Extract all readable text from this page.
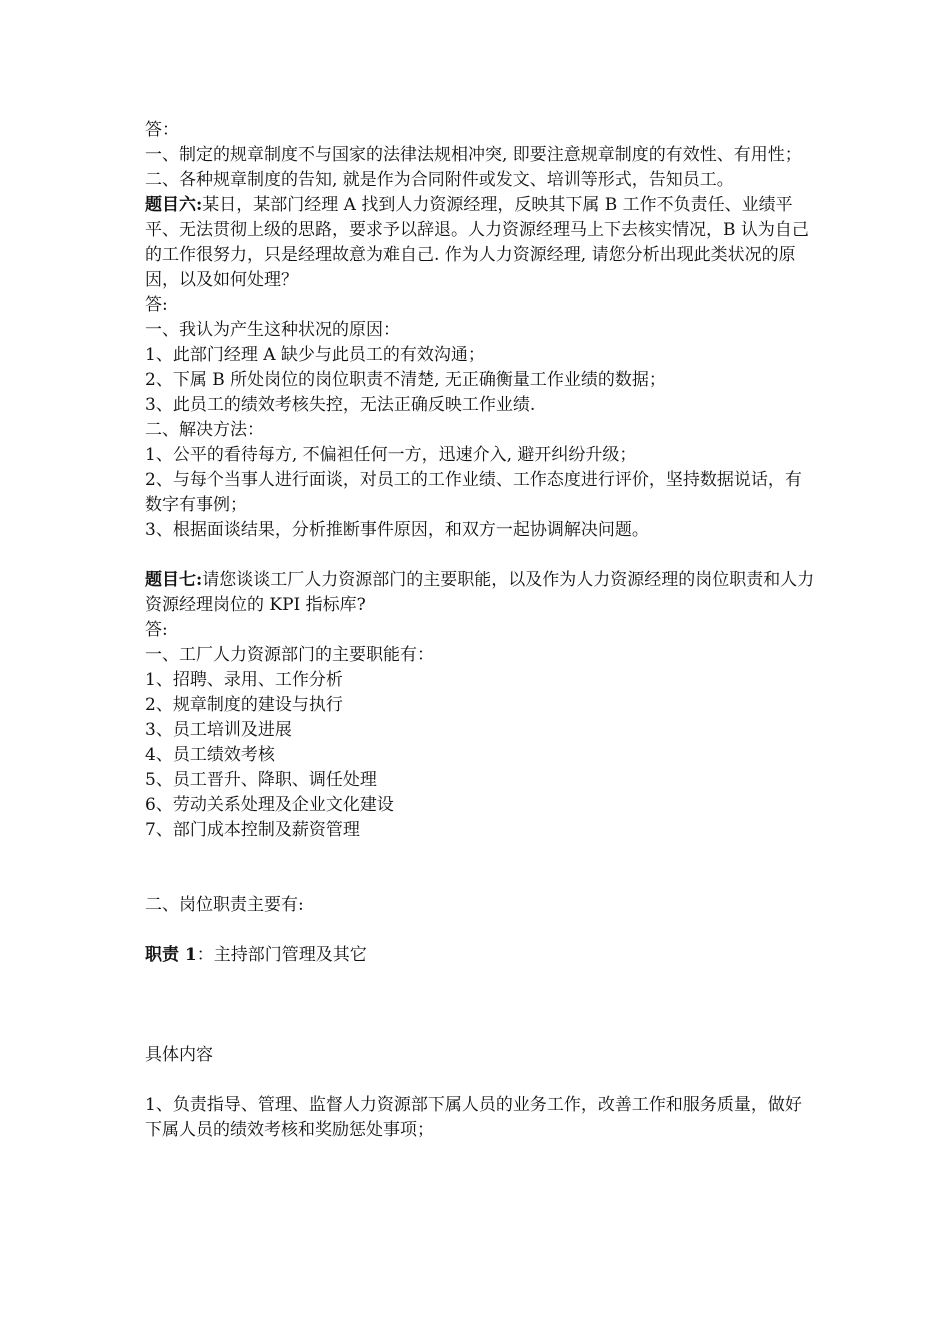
答：

一、制定的规章制度不与国家的法律法规相冲突, 即要注意规章制度的有效性、有用性；

二、各种规章制度的告知, 就是作为合同附件或发文、培训等形式，告知员工。

题目六:某日，某部门经理 A 找到人力资源经理，反映其下属 B 工作不负责任、业绩平平、无法贯彻上级的思路，要求予以辞退。人力资源经理马上下去核实情况，B 认为自己的工作很努力，只是经理故意为难自己. 作为人力资源经理, 请您分析出现此类状况的原因，以及如何处理？

答:

一、我认为产生这种状况的原因：

1、此部门经理 A 缺少与此员工的有效沟通；

2、下属 B 所处岗位的岗位职责不清楚, 无正确衡量工作业绩的数据；

3、此员工的绩效考核失控，无法正确反映工作业绩.

二、解决方法：

1、公平的看待每方, 不偏袒任何一方，迅速介入, 避开纠纷升级；

2、与每个当事人进行面谈，对员工的工作业绩、工作态度进行评价，坚持数据说话，有数字有事例；

3、根据面谈结果，分析推断事件原因，和双方一起协调解决问题。

题目七:请您谈谈工厂人力资源部门的主要职能，以及作为人力资源经理的岗位职责和人力资源经理岗位的 KPI 指标库?

答:

一、工厂人力资源部门的主要职能有：

1、招聘、录用、工作分析

2、规章制度的建设与执行

3、员工培训及进展

4、员工绩效考核

5、员工晋升、降职、调任处理

6、劳动关系处理及企业文化建设

7、部门成本控制及薪资管理

二、岗位职责主要有:

职责 1：主持部门管理及其它

具体内容

1、负责指导、管理、监督人力资源部下属人员的业务工作，改善工作和服务质量，做好下属人员的绩效考核和奖励惩处事项；
